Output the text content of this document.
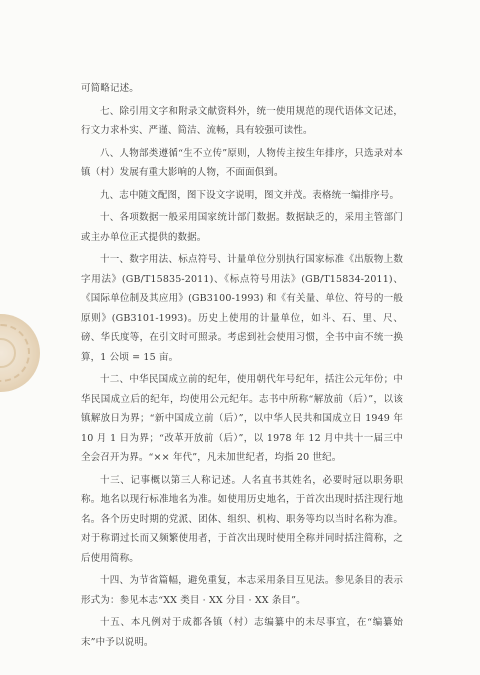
可简略记述。

七、除引用文字和附录文献资料外，统一使用规范的现代语体文记述，行文力求朴实、严谨、简洁、流畅，具有较强可读性。

八、人物部类遵循“生不立传”原则，人物传主按生年排序，只选录对本镇（村）发展有重大影响的人物，不面面俱到。

九、志中随文配图，图下设文字说明，图文并茂。表格统一编排序号。

十、各项数据一般采用国家统计部门数据。数据缺乏的，采用主管部门或主办单位正式提供的数据。

十一、数字用法、标点符号、计量单位分别执行国家标准《出版物上数字用法》(GB/T15835-2011)、《标点符号用法》(GB/T15834-2011)、《国际单位制及其应用》(GB3100-1993) 和《有关量、单位、符号的一般原则》(GB3101-1993)。历史上使用的计量单位，如斗、石、里、尺、磅、华氏度等，在引文时可照录。考虑到社会使用习惯，全书中亩不统一换算，1 公顷 = 15 亩。

十二、中华民国成立前的纪年，使用朝代年号纪年，括注公元年份；中华民国成立后的纪年，均使用公元纪年。志书中所称“解放前（后）”，以该镇解放日为界；“新中国成立前（后）”，以中华人民共和国成立日 1949 年 10 月 1 日为界；“改革开放前（后）”，以 1978 年 12 月中共十一届三中全会召开为界。“×× 年代”，凡未加世纪者，均指 20 世纪。

十三、记事概以第三人称记述。人名直书其姓名，必要时冠以职务职称。地名以现行标准地名为准。如使用历史地名，于首次出现时括注现行地名。各个历史时期的党派、团体、组织、机构、职务等均以当时名称为准。对于称谓过长而又频繁使用者，于首次出现时使用全称并同时括注简称，之后使用简称。

十四、为节省篇幅，避免重复，本志采用条目互见法。参见条目的表示形式为：参见本志“XX 类目 · XX 分目 · XX 条目”。

十五、本凡例对于成都各镇（村）志编纂中的未尽事宜，在“编纂始末”中予以说明。
